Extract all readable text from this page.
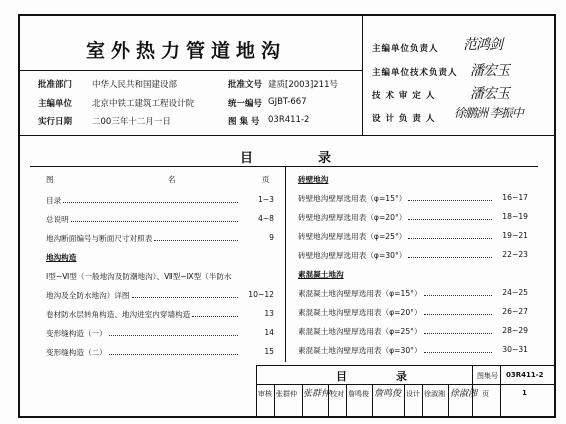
室外热力管道地沟
批准部门 中华人民共和国建设部	批准文号 建质[2003]211号
主编单位 北京中铁工建筑工程设计院	统一编号 GJBT-667
实行日期 二00三年十二月一日	图 集 号 03R411-2
主编单位负责人 范鸿剑
主编单位技术负责人 潘宏玉
技 术 审 定 人 潘宏玉
设 计 负 责 人 徐鹏洲 李振中
目	录
图	名	页
目录	1~3
总说明	4~8
地沟断面编号与断面尺寸对照表	9
地沟构造
Ⅰ型~Ⅵ型（一般地沟及防潮地沟）、Ⅶ型~Ⅸ型（半防水
地沟及全防水地沟）详图	10~12
卷材防水层转角构造、地沟进室内穿墙构造	13
变形缝构造（一）	14
变形缝构造（二）	15
砖壁地沟
砖壁地沟壁厚选用表（φ=15°）	16~17
砖壁地沟壁厚选用表（φ=20°）	18~19
砖壁地沟壁厚选用表（φ=25°）	19~21
砖壁地沟壁厚选用表（φ=30°）	22~23
素混凝土地沟
素混凝土地沟壁厚选用表（φ=15°）	24~25
素混凝土地沟壁厚选用表（φ=20°）	26~27
素混凝土地沟壁厚选用表（φ=25°）	28~29
素混凝土地沟壁厚选用表（φ=30°）	30~31
目	录	图集号 03R411-2
审核 张群仲 张群仲 校对 詹鸣俊 詹鸣俊 设计 徐淑湘 徐淑湘 页	1
